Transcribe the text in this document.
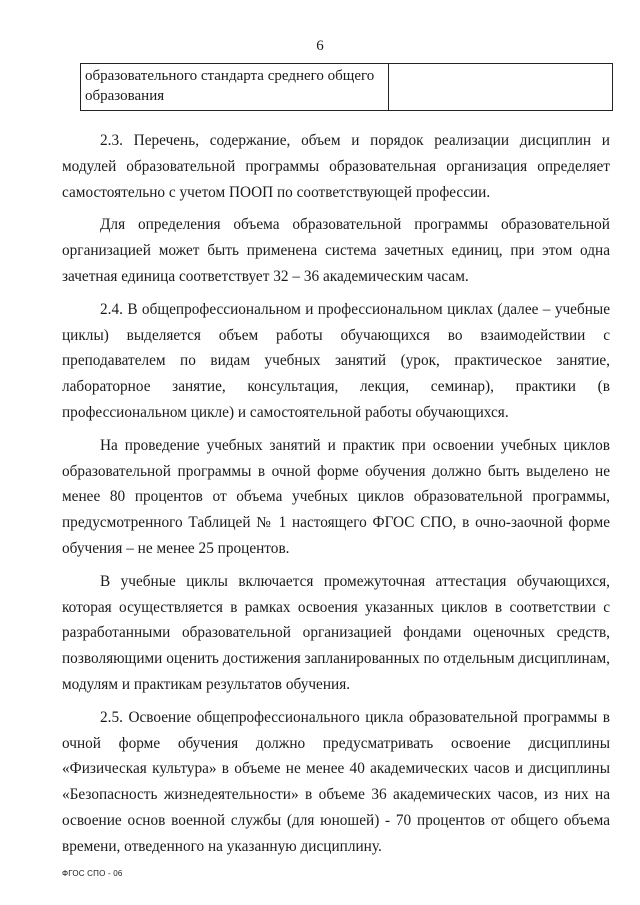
6
образовательного стандарта среднего общего образования	

2.3. Перечень, содержание, объем и порядок реализации дисциплин и модулей образовательной программы образовательная организация определяет самостоятельно с учетом ПООП по соответствующей профессии.

Для определения объема образовательной программы образовательной организацией может быть применена система зачетных единиц, при этом одна зачетная единица соответствует 32 – 36 академическим часам.

2.4. В общепрофессиональном и профессиональном циклах (далее – учебные циклы) выделяется объем работы обучающихся во взаимодействии с преподавателем по видам учебных занятий (урок, практическое занятие, лабораторное занятие, консультация, лекция, семинар), практики (в профессиональном цикле) и самостоятельной работы обучающихся.

На проведение учебных занятий и практик при освоении учебных циклов образовательной программы в очной форме обучения должно быть выделено не менее 80 процентов от объема учебных циклов образовательной программы, предусмотренного Таблицей № 1 настоящего ФГОС СПО, в очно-заочной форме обучения – не менее 25 процентов.

В учебные циклы включается промежуточная аттестация обучающихся, которая осуществляется в рамках освоения указанных циклов в соответствии с разработанными образовательной организацией фондами оценочных средств, позволяющими оценить достижения запланированных по отдельным дисциплинам, модулям и практикам результатов обучения.

2.5. Освоение общепрофессионального цикла образовательной программы в очной форме обучения должно предусматривать освоение дисциплины «Физическая культура» в объеме не менее 40 академических часов и дисциплины «Безопасность жизнедеятельности» в объеме 36 академических часов, из них на освоение основ военной службы (для юношей) - 70 процентов от общего объема времени, отведенного на указанную дисциплину.

ФГОС СПО - 06
